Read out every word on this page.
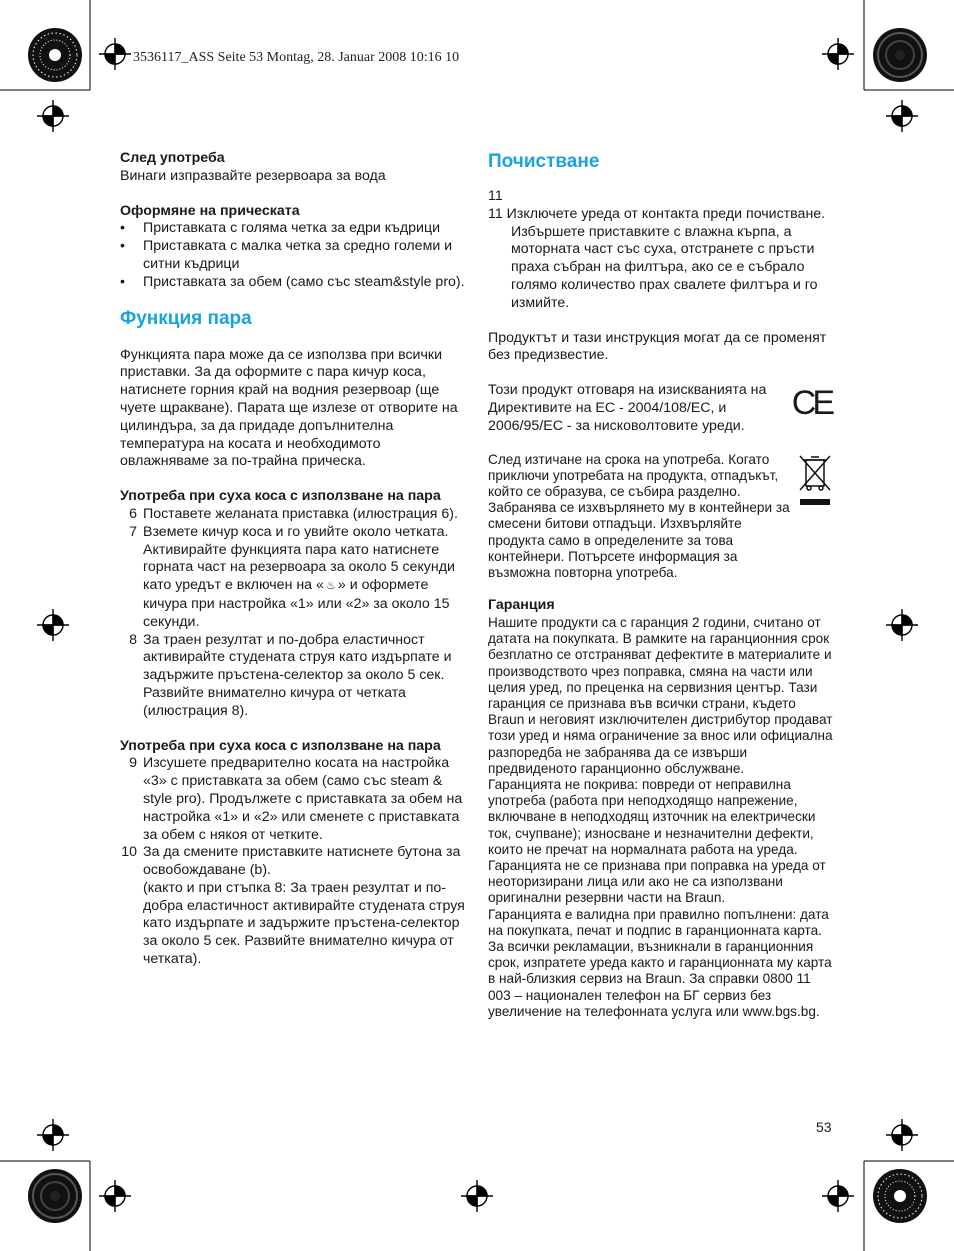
3536117_ASS Seite 53 Montag, 28. Januar 2008 10:16 10

След употреба

Винаги изпразвайте резервоара за вода

Оформяне на прическата

• Приставката с голяма четка за едри къдрици
• Приставката с малка четка за средно големи и ситни къдрици
• Приставката за обем (само със steam&style pro).

Функция пара

Функцията пара може да се използва при всички приставки. За да оформите с пара кичур коса, натиснете горния край на водния резервоар (ще чуете щракване). Парата ще излезе от отворите на цилиндъра, за да придаде допълнителна температура на косата и необходимото овлажняваме за по-трайна прическа.

Употреба при суха коса с използване на пара

6 Поставете желаната приставка (илюстрация 6).
7 Вземете кичур коса и го увийте около четката. Активирайте функцията пара като натиснете горната част на резервоара за около 5 секунди като уредът е включен на « ♨ » и оформете кичура при настройка «1» или «2» за около 15 секунди.
8 За траен резултат и по-добра еластичност активирайте студената струя като издърпате и задържите пръстена-селектор за около 5 сек. Развийте внимателно кичура от четката (илюстрация 8).

Употреба при суха коса с използване на пара

9 Изсушете предварително косата на настройка «3» с приставката за обем (само със steam & style pro). Продължете с приставката за обем на настройка «1» и «2» или сменете с приставката за обем с някоя от четките.
10 За да смените приставките натиснете бутона за освобождаване (b).
(както и при стъпка 8: За траен резултат и по-добра еластичност активирайте студената струя като издърпате и задържите пръстена-селектор за около 5 сек. Развийте внимателно кичура от четката).

Почистване

11
11 Изключете уреда от контакта преди почистване. Избършете приставките с влажна кърпа, а моторната част със суха, отстранете с пръсти праха събран на филтъра, ако се е събрало голямо количество прах свалете филтъра и го измийте.

Продуктът и тази инструкция могат да се променят без предизвестие.

Този продукт отговаря на изискванията на Директивите на ЕС - 2004/108/EC, и 2006/95/EC - за нисковолтовите уреди.

CE

След изтичане на срока на употреба. Когато приключи употребата на продукта, отпадъкът, който се образува, се събира разделно. Забранява се изхвърлянето му в контейнери за смесени битови отпадъци. Изхвърляйте продукта само в определените за това контейнери. Потърсете информация за възможна повторна употреба.

Гаранция

Нашите продукти са с гаранция 2 години, считано от датата на покупката. В рамките на гаранционния срок безплатно се отстраняват дефектите в материалите и производството чрез поправка, смяна на части или целия уред, по преценка на сервизния център. Тази гаранция се признава във всички страни, където Braun и неговият изключителен дистрибутор продават този уред и няма ограничение за внос или официална разпоредба не забранява да се извърши предвиденото гаранционно обслужване.

Гаранцията не покрива: повреди от неправилна употреба (работа при неподходящо напрежение, включване в неподходящ източник на електрически ток, счупване); износване и незначителни дефекти, които не пречат на нормалната работа на уреда. Гаранцията не се признава при поправка на уреда от неоторизирани лица или ако не са използвани оригинални резервни части на Braun.

Гаранцията е валидна при правилно попълнени: дата на покупката, печат и подпис в гаранционната карта.

За всички рекламации, възникнали в гаранционния срок, изпратете уреда както и гаранционната му карта в най-близкия сервиз на Braun. За справки 0800 11 003 – национален телефон на БГ сервиз без увеличение на телефонната услуга или www.bgs.bg.

53
